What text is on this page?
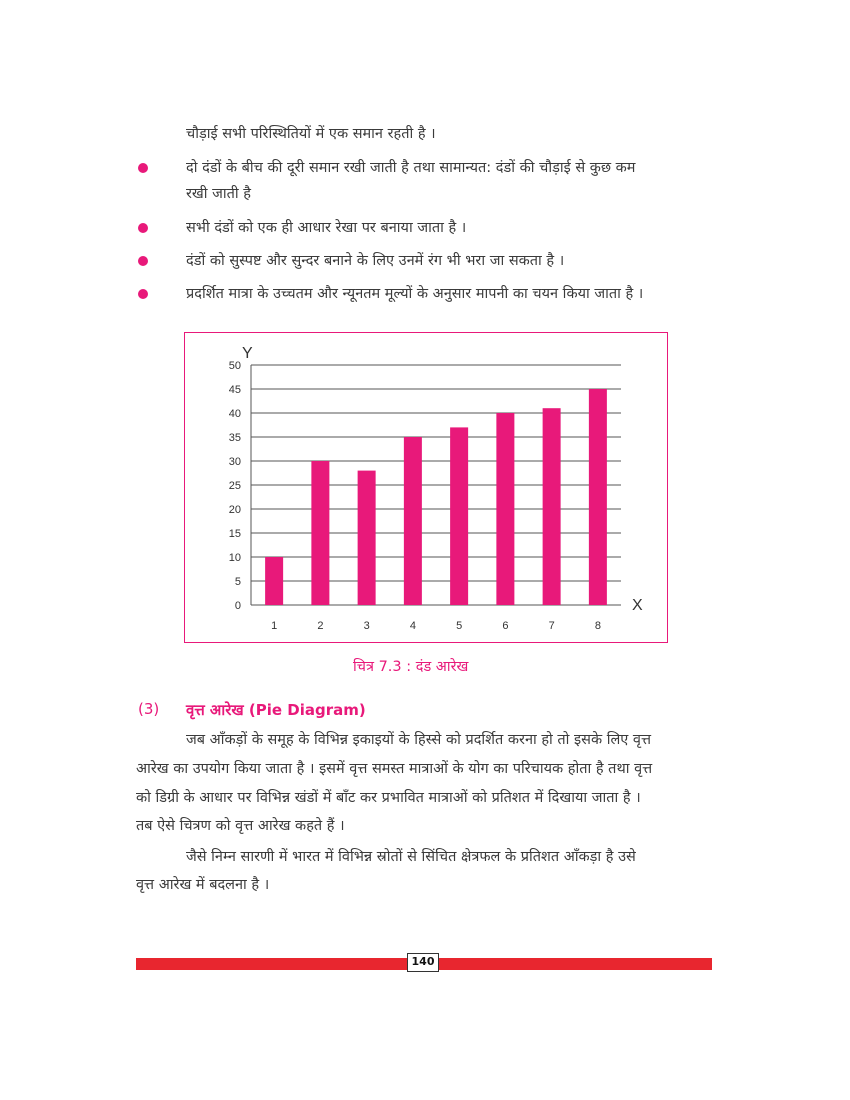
चौड़ाई सभी परिस्थितियों में एक समान रहती है ।
दो दंडों के बीच की दूरी समान रखी जाती है तथा सामान्यत: दंडों की चौड़ाई से कुछ कम
रखी जाती है
सभी दंडों को एक ही आधार रेखा पर बनाया जाता है ।
दंडों को सुस्पष्ट और सुन्दर बनाने के लिए उनमें रंग भी भरा जा सकता है ।
प्रदर्शित मात्रा के उच्चतम और न्यूनतम मूल्यों के अनुसार मापनी का चयन किया जाता है ।
0
5
10
15
20
25
30
35
40
45
50
1	2	3	4	5	6	7	8
Y
X
चित्र 7.3 : दंड आरेख
(3) वृत्त आरेख (Pie Diagram)
जब आँकड़ों के समूह के विभिन्न इकाइयों के हिस्से को प्रदर्शित करना हो तो इसके लिए वृत्त
आरेख का उपयोग किया जाता है । इसमें वृत्त समस्त मात्राओं के योग का परिचायक होता है तथा वृत्त
को डिग्री के आधार पर विभिन्न खंडों में बाँट कर प्रभावित मात्राओं को प्रतिशत में दिखाया जाता है ।
तब ऐसे चित्रण को वृत्त आरेख कहते हैं ।
जैसे निम्न सारणी में भारत में विभिन्न स्रोतों से सिंचित क्षेत्रफल के प्रतिशत आँकड़ा है उसे
वृत्त आरेख में बदलना है ।
140
